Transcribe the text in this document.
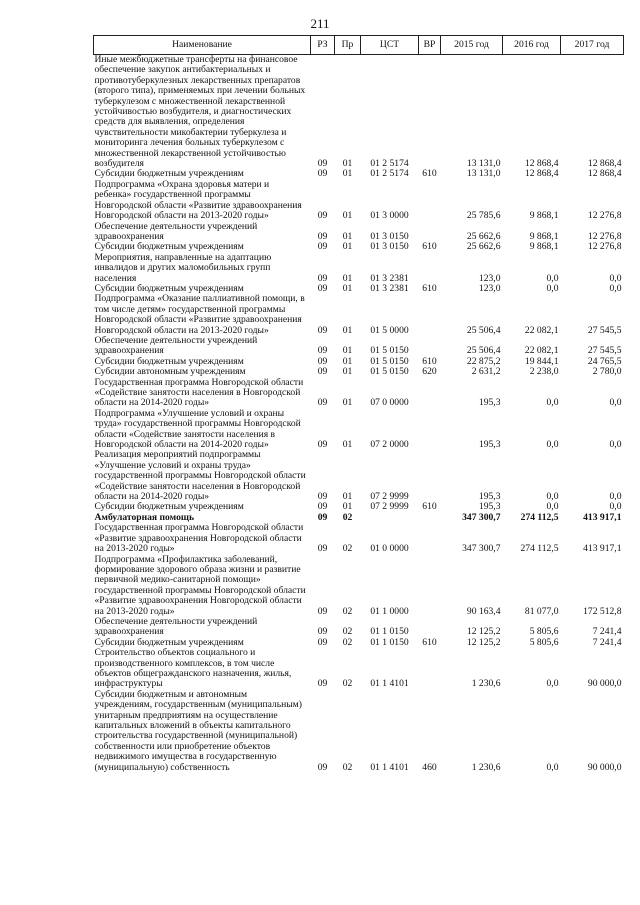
211
Наименование	РЗ	Пр	ЦСТ	ВР	2015 год	2016 год	2017 год
Иные межбюджетные трансферты на финансовое обеспечение закупок антибактериальных и противотуберкулезных лекарственных препаратов (второго типа), применяемых при лечении больных туберкулезом с множественной лекарственной устойчивостью возбудителя, и диагностических средств для выявления, определения чувствительности микобактерии туберкулеза и мониторинга лечения больных туберкулезом с множественной лекарственной устойчивостью возбудителя	09	01	01 2 5174		13 131,0	12 868,4	12 868,4
Субсидии бюджетным учреждениям	09	01	01 2 5174	610	13 131,0	12 868,4	12 868,4
Подпрограмма «Охрана здоровья матери и ребенка» государственной программы Новгородской области «Развитие здравоохранения Новгородской области на 2013-2020 годы»	09	01	01 3 0000		25 785,6	9 868,1	12 276,8
Обеспечение деятельности учреждений здравоохранения	09	01	01 3 0150		25 662,6	9 868,1	12 276,8
Субсидии бюджетным учреждениям	09	01	01 3 0150	610	25 662,6	9 868,1	12 276,8
Мероприятия, направленные на адаптацию инвалидов и других маломобильных групп населения	09	01	01 3 2381		123,0	0,0	0,0
Субсидии бюджетным учреждениям	09	01	01 3 2381	610	123,0	0,0	0,0
Подпрограмма «Оказание паллиативной помощи, в том числе детям» государственной программы Новгородской области «Развитие здравоохранения Новгородской области на 2013-2020 годы»	09	01	01 5 0000		25 506,4	22 082,1	27 545,5
Обеспечение деятельности учреждений здравоохранения	09	01	01 5 0150		25 506,4	22 082,1	27 545,5
Субсидии бюджетным учреждениям	09	01	01 5 0150	610	22 875,2	19 844,1	24 765,5
Субсидии автономным учреждениям	09	01	01 5 0150	620	2 631,2	2 238,0	2 780,0
Государственная программа Новгородской области «Содействие занятости населения в Новгородской области на 2014-2020 годы»	09	01	07 0 0000		195,3	0,0	0,0
Подпрограмма «Улучшение условий и охраны труда» государственной программы Новгородской области «Содействие занятости населения в Новгородской области на 2014-2020 годы»	09	01	07 2 0000		195,3	0,0	0,0
Реализация мероприятий подпрограммы «Улучшение условий и охраны труда» государственной программы Новгородской области «Содействие занятости населения в Новгородской области на 2014-2020 годы»	09	01	07 2 9999		195,3	0,0	0,0
Субсидии бюджетным учреждениям	09	01	07 2 9999	610	195,3	0,0	0,0
Амбулаторная помощь	09	02			347 300,7	274 112,5	413 917,1
Государственная программа Новгородской области «Развитие здравоохранения Новгородской области на 2013-2020 годы»	09	02	01 0 0000		347 300,7	274 112,5	413 917,1
Подпрограмма «Профилактика заболеваний, формирование здорового образа жизни и развитие первичной медико-санитарной помощи» государственной программы Новгородской области «Развитие здравоохранения Новгородской области на 2013-2020 годы»	09	02	01 1 0000		90 163,4	81 077,0	172 512,8
Обеспечение деятельности учреждений здравоохранения	09	02	01 1 0150		12 125,2	5 805,6	7 241,4
Субсидии бюджетным учреждениям	09	02	01 1 0150	610	12 125,2	5 805,6	7 241,4
Строительство объектов социального и производственного комплексов, в том числе объектов общегражданского назначения, жилья, инфраструктуры	09	02	01 1 4101		1 230,6	0,0	90 000,0
Субсидии бюджетным и автономным учреждениям, государственным (муниципальным) унитарным предприятиям на осуществление капитальных вложений в объекты капитального строительства государственной (муниципальной) собственности или приобретение объектов недвижимого имущества в государственную (муниципальную) собственность	09	02	01 1 4101	460	1 230,6	0,0	90 000,0
